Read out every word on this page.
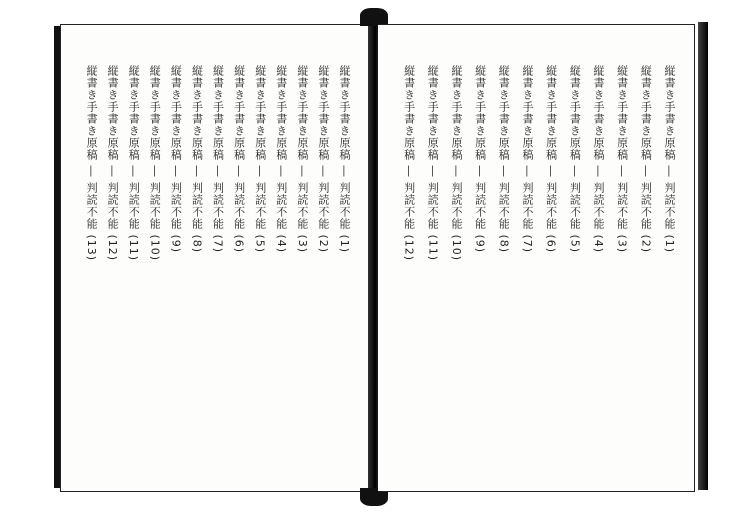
縦書き手書き原稿 ― 判読不能 (1)
縦書き手書き原稿 ― 判読不能 (2)
縦書き手書き原稿 ― 判読不能 (3)
縦書き手書き原稿 ― 判読不能 (4)
縦書き手書き原稿 ― 判読不能 (5)
縦書き手書き原稿 ― 判読不能 (6)
縦書き手書き原稿 ― 判読不能 (7)
縦書き手書き原稿 ― 判読不能 (8)
縦書き手書き原稿 ― 判読不能 (9)
縦書き手書き原稿 ― 判読不能 (10)
縦書き手書き原稿 ― 判読不能 (11)
縦書き手書き原稿 ― 判読不能 (12)
縦書き手書き原稿 ― 判読不能 (13)	縦書き手書き原稿 ― 判読不能 (1)
縦書き手書き原稿 ― 判読不能 (2)
縦書き手書き原稿 ― 判読不能 (3)
縦書き手書き原稿 ― 判読不能 (4)
縦書き手書き原稿 ― 判読不能 (5)
縦書き手書き原稿 ― 判読不能 (6)
縦書き手書き原稿 ― 判読不能 (7)
縦書き手書き原稿 ― 判読不能 (8)
縦書き手書き原稿 ― 判読不能 (9)
縦書き手書き原稿 ― 判読不能 (10)
縦書き手書き原稿 ― 判読不能 (11)
縦書き手書き原稿 ― 判読不能 (12)
